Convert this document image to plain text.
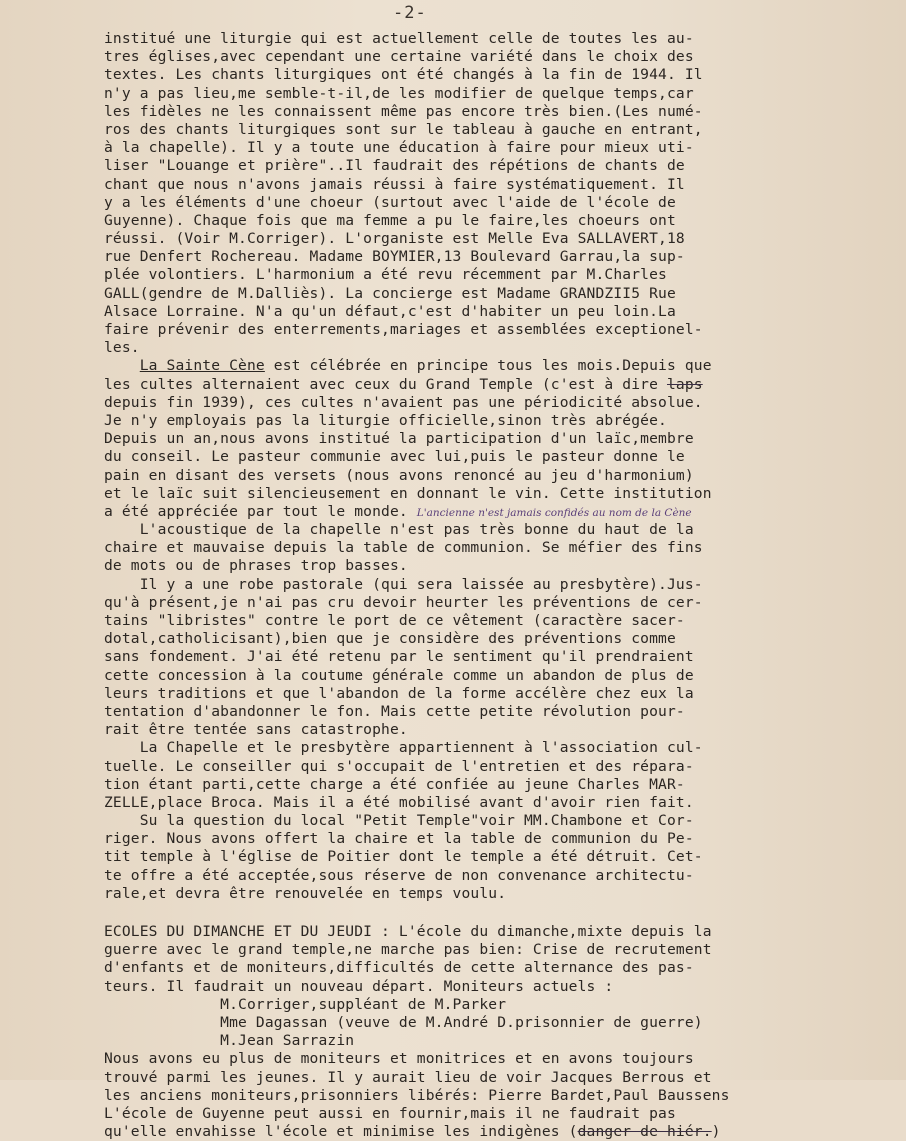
-2-
institué une liturgie qui est actuellement celle de toutes les au-
tres églises,avec cependant une certaine variété dans le choix des
textes. Les chants liturgiques ont été changés à la fin de 1944. Il
n'y a pas lieu,me semble-t-il,de les modifier de quelque temps,car
les fidèles ne les connaissent même pas encore très bien.(Les numé-
ros des chants liturgiques sont sur le tableau à gauche en entrant,
à la chapelle). Il y a toute une éducation à faire pour mieux uti-
liser "Louange et prière"..Il faudrait des répétions de chants de
chant que nous n'avons jamais réussi à faire systématiquement. Il
y a les éléments d'une choeur (surtout avec l'aide de l'école de
Guyenne). Chaque fois que ma femme a pu le faire,les choeurs ont
réussi. (Voir M.Corriger). L'organiste est Melle Eva SALLAVERT,18
rue Denfert Rochereau. Madame BOYMIER,13 Boulevard Garrau,la sup-
plée volontiers. L'harmonium a été revu récemment par M.Charles
GALL(gendre de M.Dalliès). La concierge est Madame GRANDZII5 Rue
Alsace Lorraine. N'a qu'un défaut,c'est d'habiter un peu loin.La
faire prévenir des enterrements,mariages et assemblées exceptionel-
les.
La Sainte Cène est célébrée en principe tous les mois.Depuis que
les cultes alternaient avec ceux du Grand Temple (c'est à dire laps
depuis fin 1939), ces cultes n'avaient pas une périodicité absolue.
Je n'y employais pas la liturgie officielle,sinon très abrégée.
Depuis un an,nous avons institué la participation d'un laïc,membre
du conseil. Le pasteur communie avec lui,puis le pasteur donne le
pain en disant des versets (nous avons renoncé au jeu d'harmonium)
et le laïc suit silencieusement en donnant le vin. Cette institution
a été appréciée par tout le monde. L'ancienne n'est jamais confidés au nom de la Cène
L'acoustique de la chapelle n'est pas très bonne du haut de la
chaire et mauvaise depuis la table de communion. Se méfier des fins
de mots ou de phrases trop basses.
Il y a une robe pastorale (qui sera laissée au presbytère).Jus-
qu'à présent,je n'ai pas cru devoir heurter les préventions de cer-
tains "libristes" contre le port de ce vêtement (caractère sacer-
dotal,catholicisant),bien que je considère des préventions comme
sans fondement. J'ai été retenu par le sentiment qu'il prendraient
cette concession à la coutume générale comme un abandon de plus de
leurs traditions et que l'abandon de la forme accélère chez eux la
tentation d'abandonner le fon. Mais cette petite révolution pour-
rait être tentée sans catastrophe.
La Chapelle et le presbytère appartiennent à l'association cul-
tuelle. Le conseiller qui s'occupait de l'entretien et des répara-
tion étant parti,cette charge a été confiée au jeune Charles MAR-
ZELLE,place Broca. Mais il a été mobilisé avant d'avoir rien fait.
Su la question du local "Petit Temple"voir MM.Chambone et Cor-
riger. Nous avons offert la chaire et la table de communion du Pe-
tit temple à l'église de Poitier dont le temple a été détruit. Cet-
te offre a été acceptée,sous réserve de non convenance architectu-
rale,et devra être renouvelée en temps voulu.
ECOLES DU DIMANCHE ET DU JEUDI : L'école du dimanche,mixte depuis la
guerre avec le grand temple,ne marche pas bien: Crise de recrutement
d'enfants et de moniteurs,difficultés de cette alternance des pas-
teurs. Il faudrait un nouveau départ. Moniteurs actuels :
M.Corriger,suppléant de M.Parker
Mme Dagassan (veuve de M.André D.prisonnier de guerre)
M.Jean Sarrazin
Nous avons eu plus de moniteurs et monitrices et en avons toujours
trouvé parmi les jeunes. Il y aurait lieu de voir Jacques Berrous et
les anciens moniteurs,prisonniers libérés: Pierre Bardet,Paul Baussens
L'école de Guyenne peut aussi en fournir,mais il ne faudrait pas
qu'elle envahisse l'école et minimise les indigènes (danger de hiér.)
